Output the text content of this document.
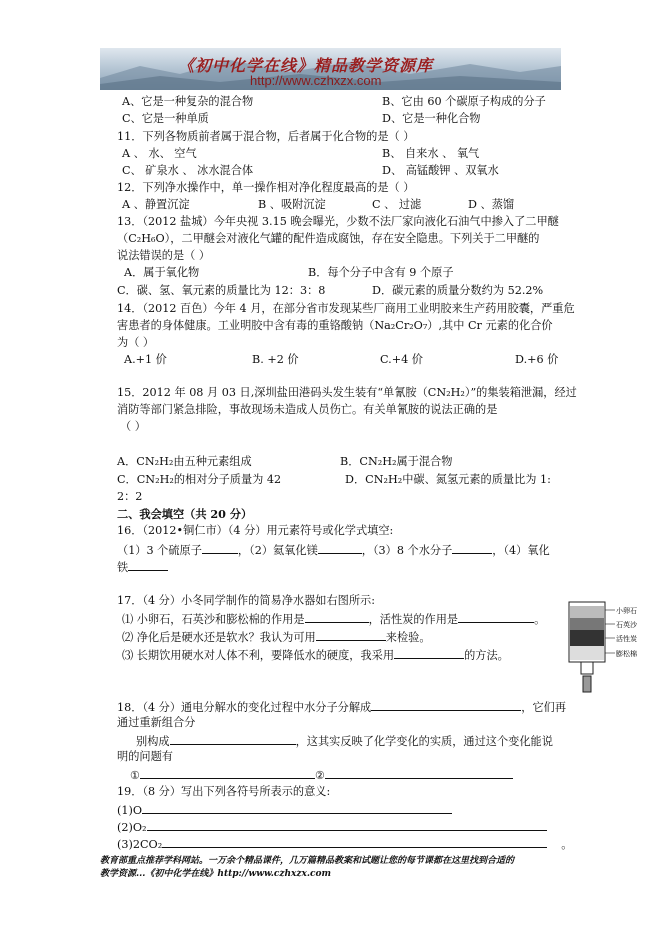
《初中化学在线》精品教学资源库
http://www.czhxzx.com
A、它是一种复杂的混合物	B、它由 60 个碳原子构成的分子
C、它是一种单质	D、它是一种化合物
11．下列各物质前者属于混合物，后者属于化合物的是（ ）
A 、 水、 空气	B、 自来水 、 氧气
C、 矿泉水 、 冰水混合体	D、 高锰酸钾 、双氧水
12．下列净水操作中，单一操作相对净化程度最高的是（ ）
A 、静置沉淀	B 、吸附沉淀	C 、 过滤	D 、蒸馏
13．（2012 盐城）今年央视 3.15 晚会曝光，少数不法厂家向液化石油气中掺入了二甲醚
（C₂H₆O），二甲醚会对液化气罐的配件造成腐蚀，存在安全隐患。下列关于二甲醚的
说法错误的是（ ）
A．属于氧化物	B．每个分子中含有 9 个原子
C．碳、氢、氧元素的质量比为 12：3：8	D．碳元素的质量分数约为 52.2%
14．（2012 百色）今年 4 月，在部分省市发现某些厂商用工业明胶来生产药用胶囊，严重危
害患者的身体健康。工业明胶中含有毒的重铬酸钠（Na₂Cr₂O₇）,其中 Cr 元素的化合价
为（ ）
A.+1 价	B. +2 价	C.+4 价	D.+6 价
15．2012 年 08 月 03 日,深圳盐田港码头发生装有“单氰胺（CN₂H₂）”的集装箱泄漏，经过
消防等部门紧急排险，事故现场未造成人员伤亡。有关单氰胺的说法正确的是
（ ）
A．CN₂H₂由五种元素组成	B．CN₂H₂属于混合物
C．CN₂H₂的相对分子质量为 42	D．CN₂H₂中碳、氮氢元素的质量比为 1:
2：2
二、我会填空（共 20 分）
16．（2012•铜仁市）（4 分）用元素符号或化学式填空:
（1）3 个硫原子	，（2）氦氧化镁	，（3）8 个水分子	，（4）氧化
铁
17．（4 分）小冬同学制作的简易净水器如右图所示:
⑴ 小卵石，石英沙和膨松棉的作用是	，活性炭的作用是	。
⑵ 净化后是硬水还是软水？我认为可用	来检验。
⑶ 长期饮用硬水对人体不利，要降低水的硬度，我采用	的方法。
小卵石
石英沙
活性炭
膨松棉
18．（4 分）通电分解水的变化过程中水分子分解成	，它们再
通过重新组合分
别构成	，这其实反映了化学变化的实质，通过这个变化能说
明的问题有
①	②
19．（8 分）写出下列各符号所表示的意义:
(1)O
(2)O₂
(3)2CO₂	。
教育部重点推荐学科网站。一万余个精品课件，几万篇精品教案和试题让您的每节课都在这里找到合适的
教学资源...《初中化学在线》http://www.czhxzx.com
